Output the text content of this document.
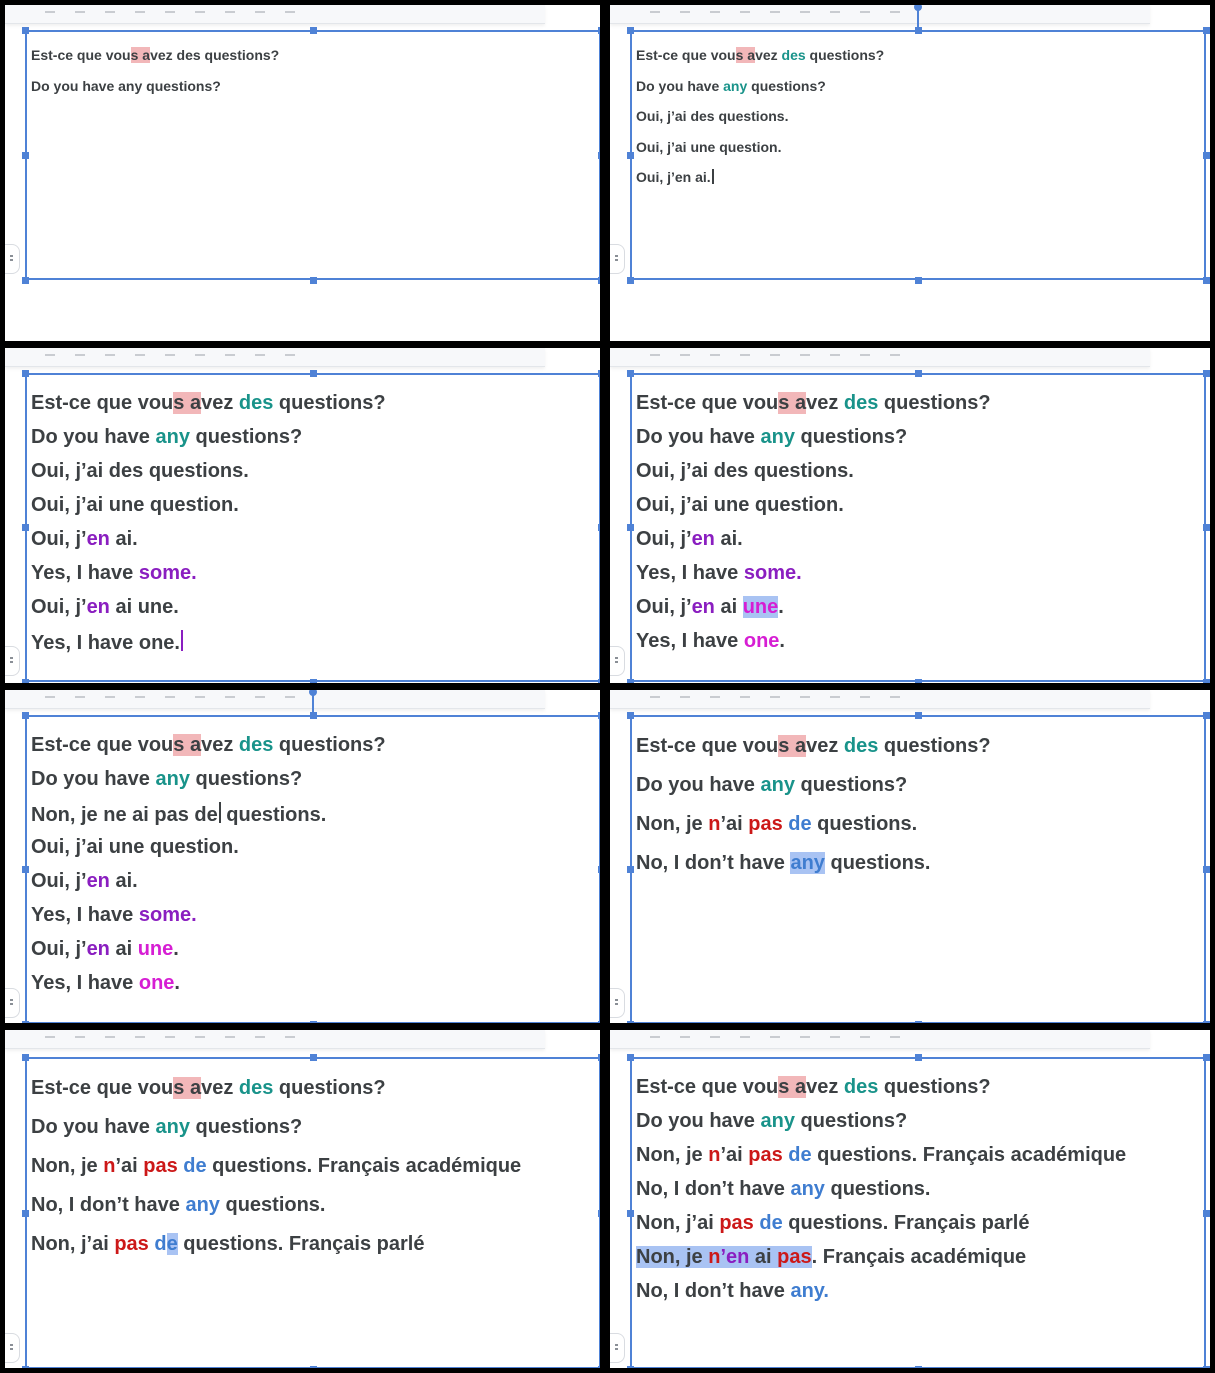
Est-ce que vous avez des questions?
Do you have any questions?
Est-ce que vous avez des questions?
Do you have any questions?
Oui, j’ai des questions.
Oui, j’ai une question.
Oui, j’en ai.
Est-ce que vous avez des questions?
Do you have any questions?
Oui, j’ai des questions.
Oui, j’ai une question.
Oui, j’en ai.
Yes, I have some.
Oui, j’en ai une.
Yes, I have one.
Est-ce que vous avez des questions?
Do you have any questions?
Oui, j’ai des questions.
Oui, j’ai une question.
Oui, j’en ai.
Yes, I have some.
Oui, j’en ai une.
Yes, I have one.
Est-ce que vous avez des questions?
Do you have any questions?
Non, je ne ai pas de questions.
Oui, j’ai une question.
Oui, j’en ai.
Yes, I have some.
Oui, j’en ai une.
Yes, I have one.
Est-ce que vous avez des questions?
Do you have any questions?
Non, je n’ai pas de questions.
No, I don’t have any questions.
Est-ce que vous avez des questions?
Do you have any questions?
Non, je n’ai pas de questions. Français académique
No, I don’t have any questions.
Non, j’ai pas de questions. Français parlé
Est-ce que vous avez des questions?
Do you have any questions?
Non, je n’ai pas de questions. Français académique
No, I don’t have any questions.
Non, j’ai pas de questions. Français parlé
Non, je n’en ai pas. Français académique
No, I don’t have any.
